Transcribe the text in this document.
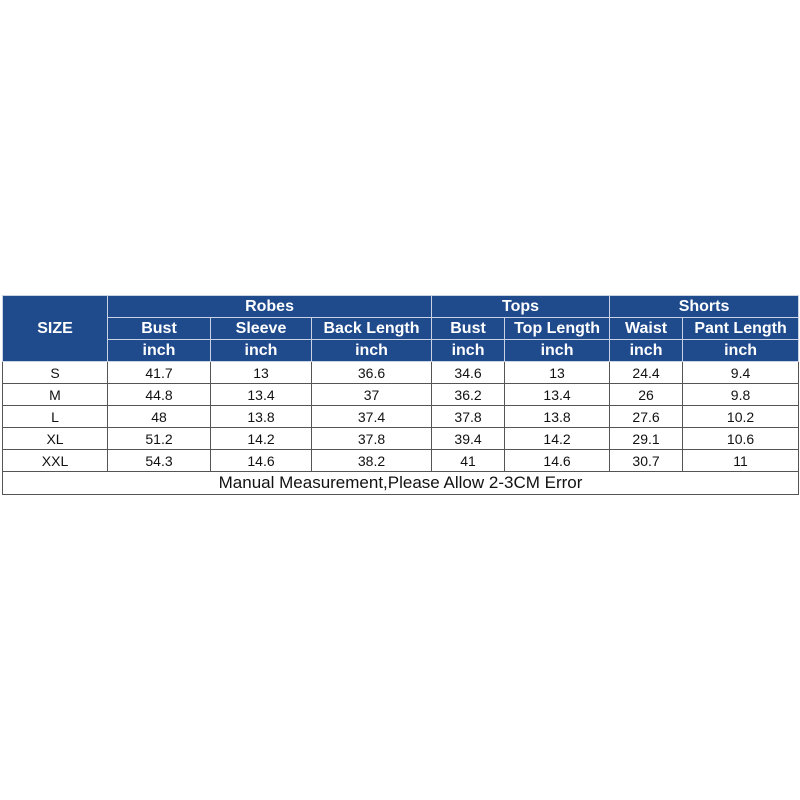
SIZE	Robes			Tops		Shorts	
	Bust	Sleeve	Back Length	Bust	Top Length	Waist	Pant Length
	inch	inch	inch	inch	inch	inch	inch
S	41.7	13	36.6	34.6	13	24.4	9.4
M	44.8	13.4	37	36.2	13.4	26	9.8
L	48	13.8	37.4	37.8	13.8	27.6	10.2
XL	51.2	14.2	37.8	39.4	14.2	29.1	10.6
XXL	54.3	14.6	38.2	41	14.6	30.7	11
Manual Measurement,Please Allow 2-3CM Error							
